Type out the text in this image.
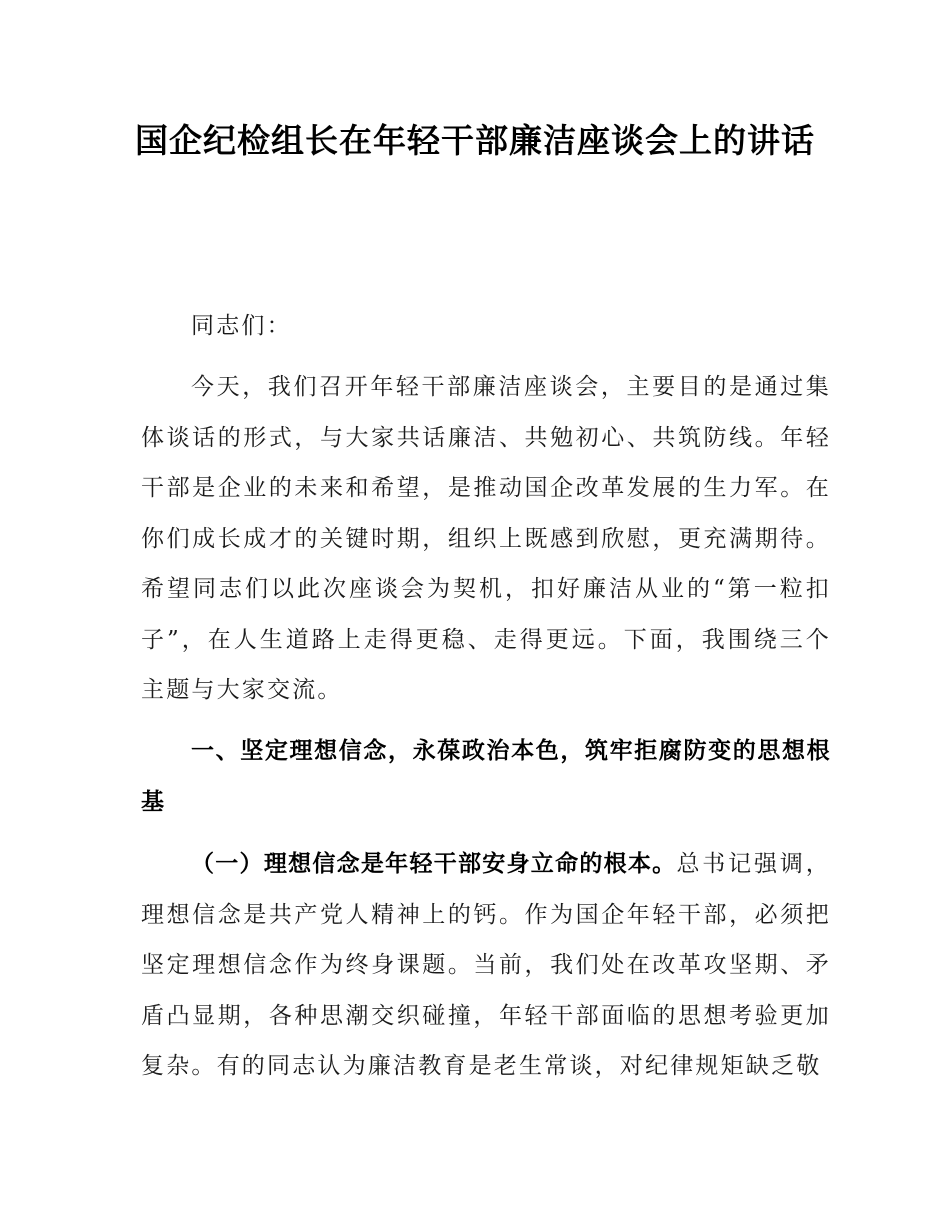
国企纪检组长在年轻干部廉洁座谈会上的讲话

同志们：

今天，我们召开年轻干部廉洁座谈会，主要目的是通过集体谈话的形式，与大家共话廉洁、共勉初心、共筑防线。年轻干部是企业的未来和希望，是推动国企改革发展的生力军。在你们成长成才的关键时期，组织上既感到欣慰，更充满期待。希望同志们以此次座谈会为契机，扣好廉洁从业的“第一粒扣子”，在人生道路上走得更稳、走得更远。下面，我围绕三个主题与大家交流。

一、坚定理想信念，永葆政治本色，筑牢拒腐防变的思想根基

（一）理想信念是年轻干部安身立命的根本。总书记强调，理想信念是共产党人精神上的钙。作为国企年轻干部，必须把坚定理想信念作为终身课题。当前，我们处在改革攻坚期、矛盾凸显期，各种思潮交织碰撞，年轻干部面临的思想考验更加复杂。有的同志认为廉洁教育是老生常谈，对纪律规矩缺乏敬
